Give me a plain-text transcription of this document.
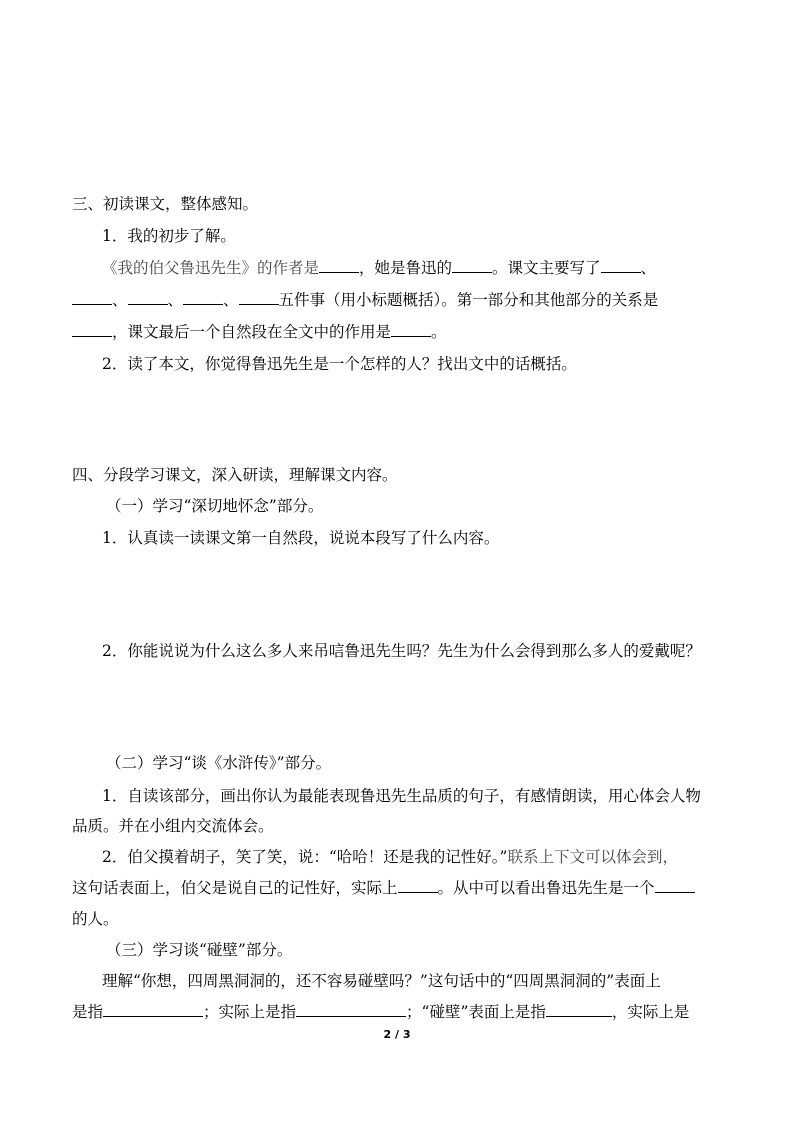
三、初读课文，整体感知。
1．我的初步了解。
《我的伯父鲁迅先生》的作者是	，她是鲁迅的	。课文主要写了	、
、	、	、	五件事（用小标题概括）。第一部分和其他部分的关系是
，课文最后一个自然段在全文中的作用是	。
2．读了本文，你觉得鲁迅先生是一个怎样的人？找出文中的话概括。
四、分段学习课文，深入研读，理解课文内容。
（一）学习“深切地怀念”部分。
1．认真读一读课文第一自然段，说说本段写了什么内容。
2．你能说说为什么这么多人来吊唁鲁迅先生吗？先生为什么会得到那么多人的爱戴呢？
（二）学习“谈《水浒传》”部分。
1．自读该部分，画出你认为最能表现鲁迅先生品质的句子，有感情朗读，用心体会人物
品质。并在小组内交流体会。
2．伯父摸着胡子，笑了笑，说：“哈哈！还是我的记性好。”联系上下文可以体会到，
这句话表面上，伯父是说自己的记性好，实际上	。从中可以看出鲁迅先生是一个
的人。
（三）学习谈“碰壁”部分。
理解“你想，四周黑洞洞的，还不容易碰壁吗？”这句话中的“四周黑洞洞的”表面上
是指	；实际上是指	；“碰壁”表面上是指	，实际上是
2 / 3
